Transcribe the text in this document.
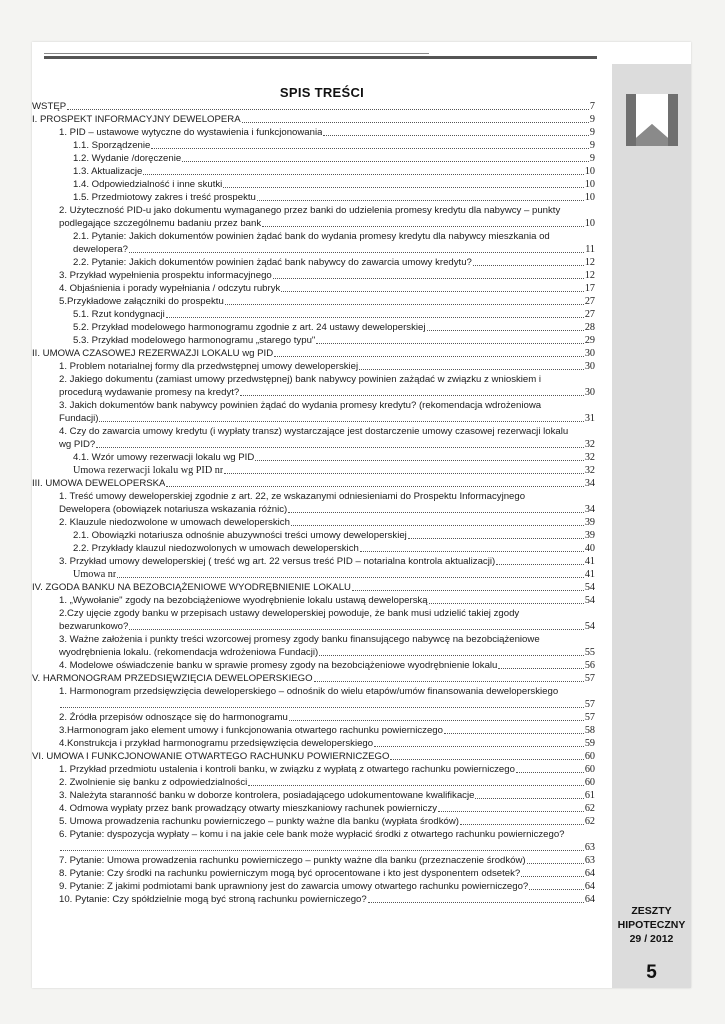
ZESZTY
HIPOTECZNY
29 / 2012
5
SPIS TREŚCI
WSTĘP	7
I. PROSPEKT INFORMACYJNY DEWELOPERA	9
1. PID – ustawowe wytyczne do wystawienia i funkcjonowania	9
1.1. Sporządzenie	9
1.2. Wydanie /doręczenie	9
1.3. Aktualizacje	10
1.4. Odpowiedzialność i inne skutki	10
1.5. Przedmiotowy zakres i treść prospektu	10
2. Użyteczność PID-u jako dokumentu wymaganego przez banki do udzielenia promesy kredytu dla nabywcy – punkty
podlegające szczególnemu badaniu przez bank	10
2.1. Pytanie: Jakich dokumentów powinien żądać bank do wydania promesy kredytu dla nabywcy mieszkania od
dewelopera?	11
2.2. Pytanie: Jakich dokumentów powinien żądać bank nabywcy do zawarcia umowy kredytu?	12
3. Przykład wypełnienia prospektu informacyjnego	12
4. Objaśnienia i porady wypełniania / odczytu rubryk	17
5.Przykładowe załączniki do prospektu	27
5.1. Rzut kondygnacji	27
5.2. Przykład modelowego harmonogramu zgodnie z art. 24 ustawy deweloperskiej	28
5.3. Przykład modelowego harmonogramu „starego typu"	29
II. UMOWA CZASOWEJ REZERWAZJI LOKALU wg PID	30
1. Problem notarialnej formy dla przedwstępnej umowy deweloperskiej	30
2. Jakiego dokumentu (zamiast umowy przedwstępnej) bank nabywcy powinien zażądać w związku z wnioskiem i
procedurą wydawanie promesy na kredyt?	30
3. Jakich dokumentów bank nabywcy powinien żądać do wydania promesy kredytu? (rekomendacja wdrożeniowa
Fundacji)	31
4. Czy do zawarcia umowy kredytu (i wypłaty transz) wystarczające jest dostarczenie umowy czasowej rezerwacji lokalu
wg PID?	32
4.1. Wzór umowy rezerwacji lokalu wg PID	32
Umowa rezerwacji lokalu wg PID nr	32
III. UMOWA DEWELOPERSKA	34
1. Treść umowy deweloperskiej zgodnie z art. 22, ze wskazanymi odniesieniami do Prospektu Informacyjnego
Dewelopera (obowiązek notariusza wskazania różnic)	34
2. Klauzule niedozwolone w umowach deweloperskich	39
2.1. Obowiązki notariusza odnośnie abuzywności treści umowy deweloperskiej	39
2.2. Przykłady klauzul niedozwolonych w umowach deweloperskich	40
3. Przykład umowy deweloperskiej ( treść wg art. 22 versus treść PID – notarialna kontrola aktualizacji)	41
Umowa nr	41
IV. ZGODA BANKU NA BEZOBCIĄŻENIOWE WYODRĘBNIENIE LOKALU	54
1. „Wywołanie" zgody na bezobciążeniowe wyodrębnienie lokalu ustawą deweloperską	54
2.Czy ujęcie zgody banku w przepisach ustawy deweloperskiej powoduje, że bank musi udzielić takiej zgody
bezwarunkowo?	54
3. Ważne założenia i punkty treści wzorcowej promesy zgody banku finansującego nabywcę na bezobciążeniowe
wyodrębnienia lokalu. (rekomendacja wdrożeniowa Fundacji)	55
4. Modelowe oświadczenie banku w sprawie promesy zgody na bezobciążeniowe wyodrębnienie lokalu	56
V. HARMONOGRAM PRZEDSIĘWZIĘCIA DEWELOPERSKIEGO	57
1. Harmonogram przedsięwzięcia deweloperskiego – odnośnik do wielu etapów/umów finansowania deweloperskiego
57
2. Źródła przepisów odnoszące się do harmonogramu	57
3.Harmonogram jako element umowy i funkcjonowania otwartego rachunku powierniczego	58
4.Konstrukcja i przykład harmonogramu przedsięwzięcia deweloperskiego	59
VI. UMOWA I FUNKCJONOWANIE OTWARTEGO RACHUNKU POWIERNICZEGO	60
1. Przykład przedmiotu ustalenia i kontroli banku, w związku z wypłatą z otwartego rachunku powierniczego	60
2. Zwolnienie się banku z odpowiedzialności	60
3. Należyta staranność banku w doborze kontrolera, posiadającego udokumentowane kwalifikacje	61
4. Odmowa wypłaty przez bank prowadzący otwarty mieszkaniowy rachunek powierniczy	62
5. Umowa prowadzenia rachunku powierniczego – punkty ważne dla banku (wypłata środków)	62
6. Pytanie: dyspozycja wypłaty – komu i na jakie cele bank może wypłacić środki z otwartego rachunku powierniczego?
63
7. Pytanie: Umowa prowadzenia rachunku powierniczego – punkty ważne dla banku (przeznaczenie środków)	63
8. Pytanie: Czy środki na rachunku powierniczym mogą być oprocentowane i kto jest dysponentem odsetek?	64
9. Pytanie: Z jakimi podmiotami bank uprawniony jest do zawarcia umowy otwartego rachunku powierniczego?	64
10. Pytanie: Czy spółdzielnie mogą być stroną rachunku powierniczego?	64
